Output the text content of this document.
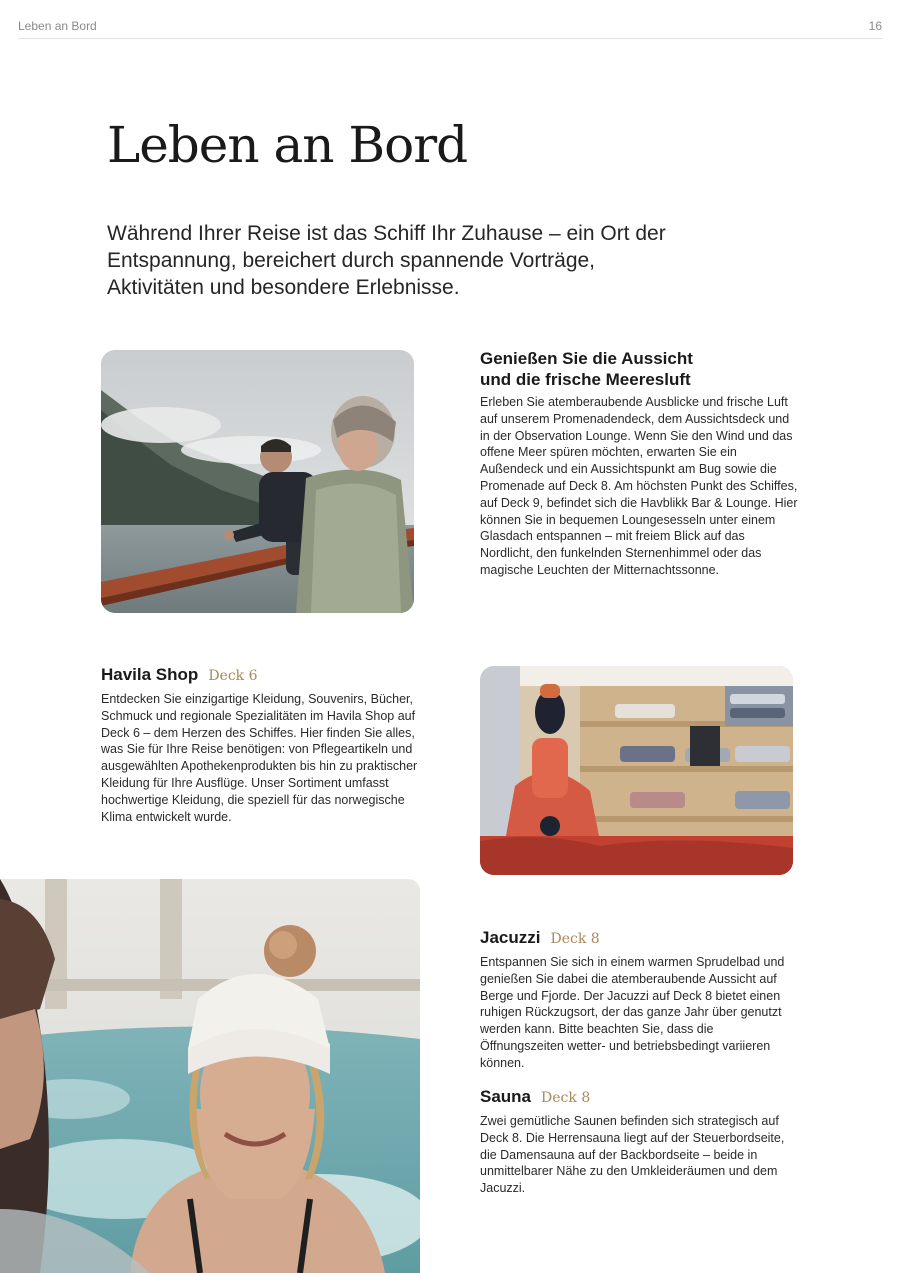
Leben an Bord	16
Leben an Bord

Während Ihrer Reise ist das Schiff Ihr Zuhause – ein Ort der Entspannung, bereichert durch spannende Vorträge, Aktivitäten und besondere Erlebnisse.

Genießen Sie die Aussicht
und die frische Meeresluft

Erleben Sie atemberaubende Ausblicke und frische Luft auf unserem Promenadendeck, dem Aussichtsdeck und in der Observation Lounge. Wenn Sie den Wind und das offene Meer spüren möchten, erwarten Sie ein Außendeck und ein Aussichtspunkt am Bug sowie die Promenade auf Deck 8. Am höchsten Punkt des Schiffes, auf Deck 9, befindet sich die Havblikk Bar & Lounge. Hier können Sie in bequemen Loungesesseln unter einem Glasdach entspannen – mit freiem Blick auf das Nordlicht, den funkelnden Sternenhimmel oder das magische Leuchten der Mitternachtssonne.

Havila Shop Deck 6

Entdecken Sie einzigartige Kleidung, Souvenirs, Bücher, Schmuck und regionale Spezialitäten im Havila Shop auf Deck 6 – dem Herzen des Schiffes. Hier finden Sie alles, was Sie für Ihre Reise benötigen: von Pflegeartikeln und ausgewählten Apothekenprodukten bis hin zu praktischer Kleidung für Ihre Ausflüge. Unser Sortiment umfasst hochwertige Kleidung, die speziell für das norwegische Klima entwickelt wurde.

Jacuzzi Deck 8

Entspannen Sie sich in einem warmen Sprudelbad und genießen Sie dabei die atemberaubende Aussicht auf Berge und Fjorde. Der Jacuzzi auf Deck 8 bietet einen ruhigen Rückzugsort, der das ganze Jahr über genutzt werden kann. Bitte beachten Sie, dass die Öffnungszeiten wetter- und betriebsbedingt variieren können.

Sauna Deck 8

Zwei gemütliche Saunen befinden sich strategisch auf Deck 8. Die Herrensauna liegt auf der Steuerbordseite, die Damensauna auf der Backbordseite – beide in unmittelbarer Nähe zu den Umkleideräumen und dem Jacuzzi.
